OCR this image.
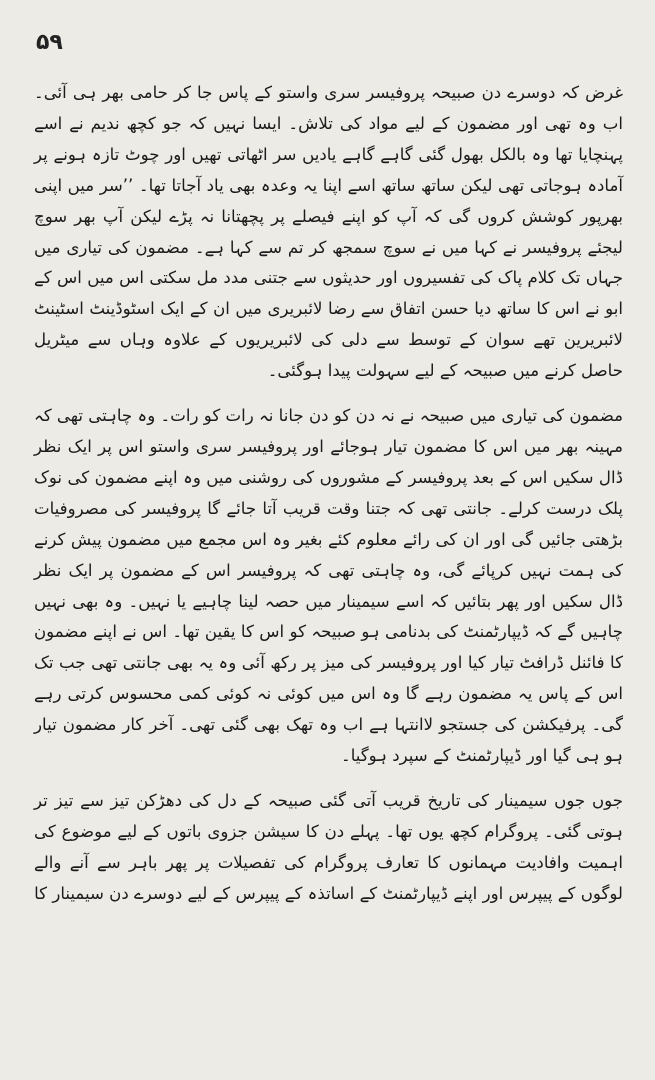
۵۹

غرض کہ دوسرے دن صبیحہ پروفیسر سری واستو کے پاس جا کر حامی بھر ہی آئی۔ اب وہ تھی اور مضمون کے لیے مواد کی تلاش۔ ایسا نہیں کہ جو کچھ ندیم نے اسے پہنچایا تھا وہ بالکل بھول گئی گاہے گاہے یادیں سر اٹھاتی تھیں اور چوٹ تازہ ہونے پر آمادہ ہوجاتی تھی لیکن ساتھ ساتھ اسے اپنا یہ وعدہ بھی یاد آجاتا تھا۔ ’’سر میں اپنی بھرپور کوشش کروں گی کہ آپ کو اپنے فیصلے پر پچھتانا نہ پڑے لیکن آپ بھر سوچ لیجئے پروفیسر نے کہا میں نے سوچ سمجھ کر تم سے کہا ہے۔ مضمون کی تیاری میں جہاں تک کلام پاک کی تفسیروں اور حدیثوں سے جتنی مدد مل سکتی اس میں اس کے ابو نے اس کا ساتھ دیا حسن اتفاق سے رضا لائبریری میں ان کے ایک اسٹوڈینٹ اسٹینٹ لائبریرین تھے سوان کے توسط سے دلی کی لائبریریوں کے علاوہ وہاں سے میٹریل حاصل کرنے میں صبیحہ کے لیے سہولت پیدا ہوگئی۔

مضمون کی تیاری میں صبیحہ نے نہ دن کو دن جانا نہ رات کو رات۔ وہ چاہتی تھی کہ مہینہ بھر میں اس کا مضمون تیار ہوجائے اور پروفیسر سری واستو اس پر ایک نظر ڈال سکیں اس کے بعد پروفیسر کے مشوروں کی روشنی میں وہ اپنے مضمون کی نوک پلک درست کرلے۔ جانتی تھی کہ جتنا وقت قریب آتا جائے گا پروفیسر کی مصروفیات بڑھتی جائیں گی اور ان کی رائے معلوم کئے بغیر وہ اس مجمع میں مضمون پیش کرنے کی ہمت نہیں کرپائے گی، وہ چاہتی تھی کہ پروفیسر اس کے مضمون پر ایک نظر ڈال سکیں اور پھر بتائیں کہ اسے سیمینار میں حصہ لینا چاہیے یا نہیں۔ وہ بھی نہیں چاہیں گے کہ ڈیپارٹمنٹ کی بدنامی ہو صبیحہ کو اس کا یقین تھا۔ اس نے اپنے مضمون کا فائنل ڈرافٹ تیار کیا اور پروفیسر کی میز پر رکھ آئی وہ یہ بھی جانتی تھی جب تک اس کے پاس یہ مضمون رہے گا وہ اس میں کوئی نہ کوئی کمی محسوس کرتی رہے گی۔ پرفیکشن کی جستجو لاانتہا ہے اب وہ تھک بھی گئی تھی۔ آخر کار مضمون تیار ہو ہی گیا اور ڈیپارٹمنٹ کے سپرد ہوگیا۔

جوں جوں سیمینار کی تاریخ قریب آتی گئی صبیحہ کے دل کی دھڑکن تیز سے تیز تر ہوتی گئی۔ پروگرام کچھ یوں تھا۔ پہلے دن کا سیشن جزوی باتوں کے لیے موضوع کی اہمیت وافادیت مہمانوں کا تعارف پروگرام کی تفصیلات پر پھر باہر سے آنے والے لوگوں کے پیپرس اور اپنے ڈیپارٹمنٹ کے اساتذہ کے پیپرس کے لیے دوسرے دن سیمینار کا
